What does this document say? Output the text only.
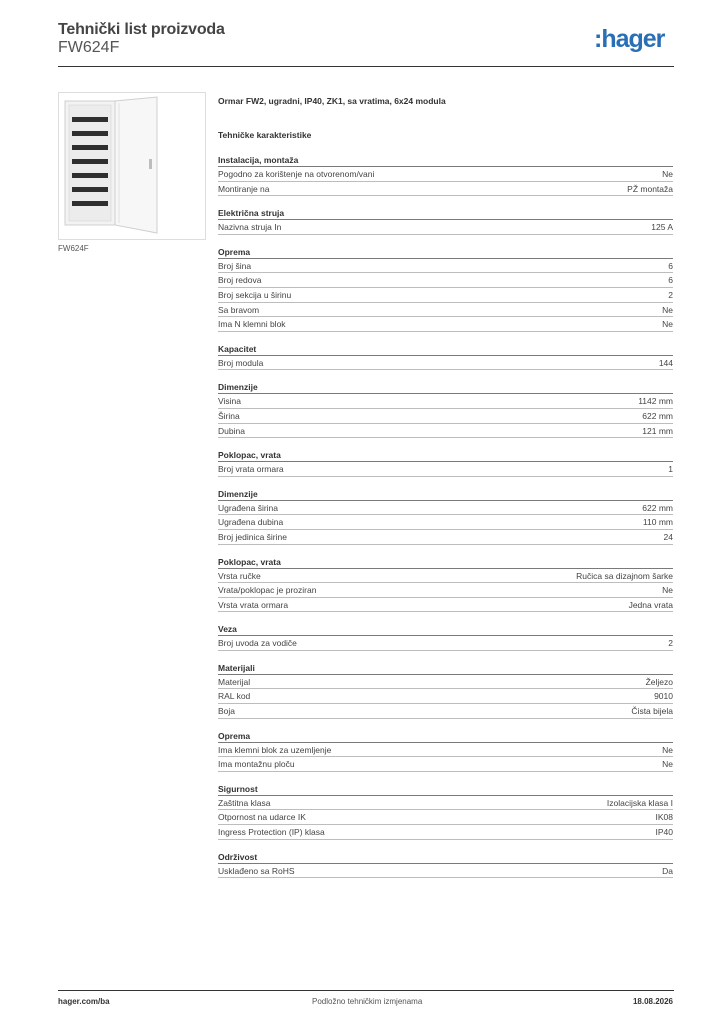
Tehnički list proizvoda
FW624F	:hager
FW624F
Ormar FW2, ugradni, IP40, ZK1, sa vratima, 6x24 modula
Tehničke karakteristike
Instalacija, montaža
Pogodno za korištenje na otvorenom/vani	Ne
Montiranje na	PŽ montaža
Električna struja
Nazivna struja In	125 A
Oprema
Broj šina	6
Broj redova	6
Broj sekcija u širinu	2
Sa bravom	Ne
Ima N klemni blok	Ne
Kapacitet
Broj modula	144
Dimenzije
Visina	1142 mm
Širina	622 mm
Dubina	121 mm
Poklopac, vrata
Broj vrata ormara	1
Dimenzije
Ugrađena širina	622 mm
Ugrađena dubina	110 mm
Broj jedinica širine	24
Poklopac, vrata
Vrsta ručke	Ručica sa dizajnom šarke
Vrata/poklopac je proziran	Ne
Vrsta vrata ormara	Jedna vrata
Veza
Broj uvoda za vodiče	2
Materijali
Materijal	Željezo
RAL kod	9010
Boja	Čista bijela
Oprema
Ima klemni blok za uzemljenje	Ne
Ima montažnu ploču	Ne
Sigurnost
Zaštitna klasa	Izolacijska klasa I
Otpornost na udarce IK	IK08
Ingress Protection (IP) klasa	IP40
Održivost
Usklađeno sa RoHS	Da
hager.com/ba	Podložno tehničkim izmjenama	18.08.2026
